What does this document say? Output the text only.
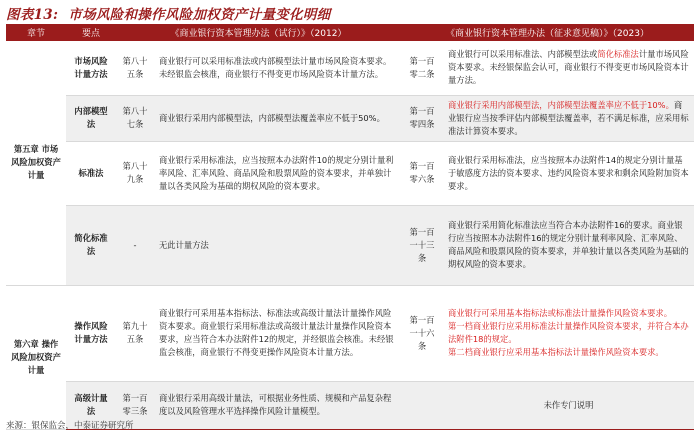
图表13: 市场风险和操作风险加权资产计量变化明细
章节	要点	《商业银行资本管理办法（试行）》（2012）		《商业银行资本管理办法（征求意见稿）》（2023）	
第五章 市场风险加权资产计量	市场风险计量方法	第八十五条	商业银行可以采用标准法或内部模型法计量市场风险资本要求。未经银监会核准，商业银行不得变更市场风险资本计量方法。	第一百零二条	商业银行可以采用标准法、内部模型法或简化标准法计量市场风险资本要求。未经银保监会认可，商业银行不得变更市场风险资本计量方法。
	内部模型法	第八十七条	商业银行采用内部模型法，内部模型法覆盖率应不低于50%。	第一百零四条	商业银行采用内部模型法，内部模型法覆盖率应不低于10%。商业银行应当按季评估内部模型法覆盖率，若不满足标准，应采用标准法计算资本要求。
	标准法	第八十九条	商业银行采用标准法，应当按照本办法附件10的规定分别计量利率风险、汇率风险、商品风险和股票风险的资本要求，并单独计量以各类风险为基础的期权风险的资本要求。	第一百零六条	商业银行采用标准法，应当按照本办法附件14的规定分别计量基于敏感度方法的资本要求、违约风险资本要求和剩余风险附加资本要求。
	简化标准法	-	无此计量方法	第一百一十三条	商业银行采用简化标准法应当符合本办法附件16的要求。商业银行应当按照本办法附件16的规定分别计量利率风险、汇率风险、商品风险和股票风险的资本要求，并单独计量以各类风险为基础的期权风险的资本要求。
第六章 操作风险加权资产计量	操作风险计量方法	第九十五条	商业银行可采用基本指标法、标准法或高级计量法计量操作风险资本要求。商业银行采用标准法或高级计量法计量操作风险资本要求，应当符合本办法附件12的规定，并经银监会核准。未经银监会核准，商业银行不得变更操作风险资本计量方法。	第一百一十六条	商业银行可采用基本指标法或标准法计量操作风险资本要求。
第一档商业银行应采用标准法计量操作风险资本要求，并符合本办法附件18的规定。
第二档商业银行应采用基本指标法计量操作风险资本要求。

	高级计量法	第一百零三条	商业银行采用高级计量法，可根据业务性质、规模和产品复杂程度以及风险管理水平选择操作风险计量模型。		未作专门说明
来源：银保监会，中泰证券研究所
